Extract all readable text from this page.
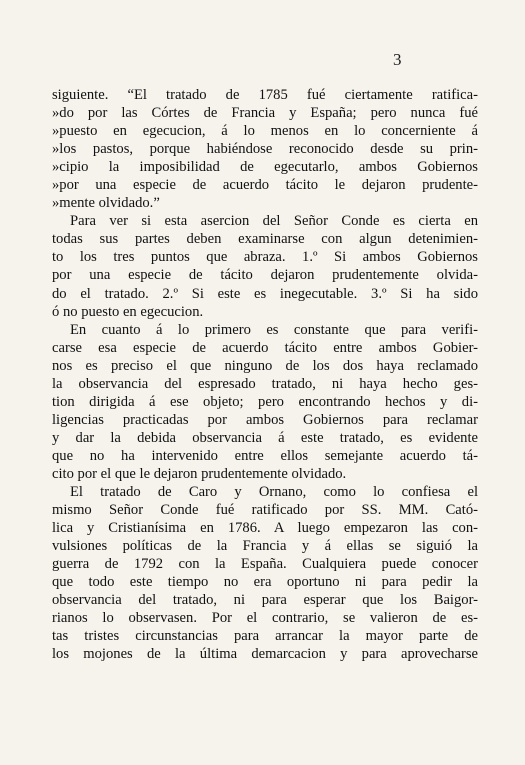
3
siguiente. “El tratado de 1785 fué ciertamente ratifica-
»do por las Córtes de Francia y España; pero nunca fué
»puesto en egecucion, á lo menos en lo concerniente á
»los pastos, porque habiéndose reconocido desde su prin-
»cipio la imposibilidad de egecutarlo, ambos Gobiernos
»por una especie de acuerdo tácito le dejaron prudente-
»mente olvidado.”
Para ver si esta asercion del Señor Conde es cierta en
todas sus partes deben examinarse con algun detenimien-
to los tres puntos que abraza. 1.º Si ambos Gobiernos
por una especie de tácito dejaron prudentemente olvida-
do el tratado. 2.º Si este es inegecutable. 3.º Si ha sido
ó no puesto en egecucion.
En cuanto á lo primero es constante que para verifi-
carse esa especie de acuerdo tácito entre ambos Gobier-
nos es preciso el que ninguno de los dos haya reclamado
la observancia del espresado tratado, ni haya hecho ges-
tion dirigida á ese objeto; pero encontrando hechos y di-
ligencias practicadas por ambos Gobiernos para reclamar
y dar la debida observancia á este tratado, es evidente
que no ha intervenido entre ellos semejante acuerdo tá-
cito por el que le dejaron prudentemente olvidado.
El tratado de Caro y Ornano, como lo confiesa el
mismo Señor Conde fué ratificado por SS. MM. Cató-
lica y Cristianísima en 1786. A luego empezaron las con-
vulsiones políticas de la Francia y á ellas se siguió la
guerra de 1792 con la España. Cualquiera puede conocer
que todo este tiempo no era oportuno ni para pedir la
observancia del tratado, ni para esperar que los Baigor-
rianos lo observasen. Por el contrario, se valieron de es-
tas tristes circunstancias para arrancar la mayor parte de
los mojones de la última demarcacion y para aprovecharse
